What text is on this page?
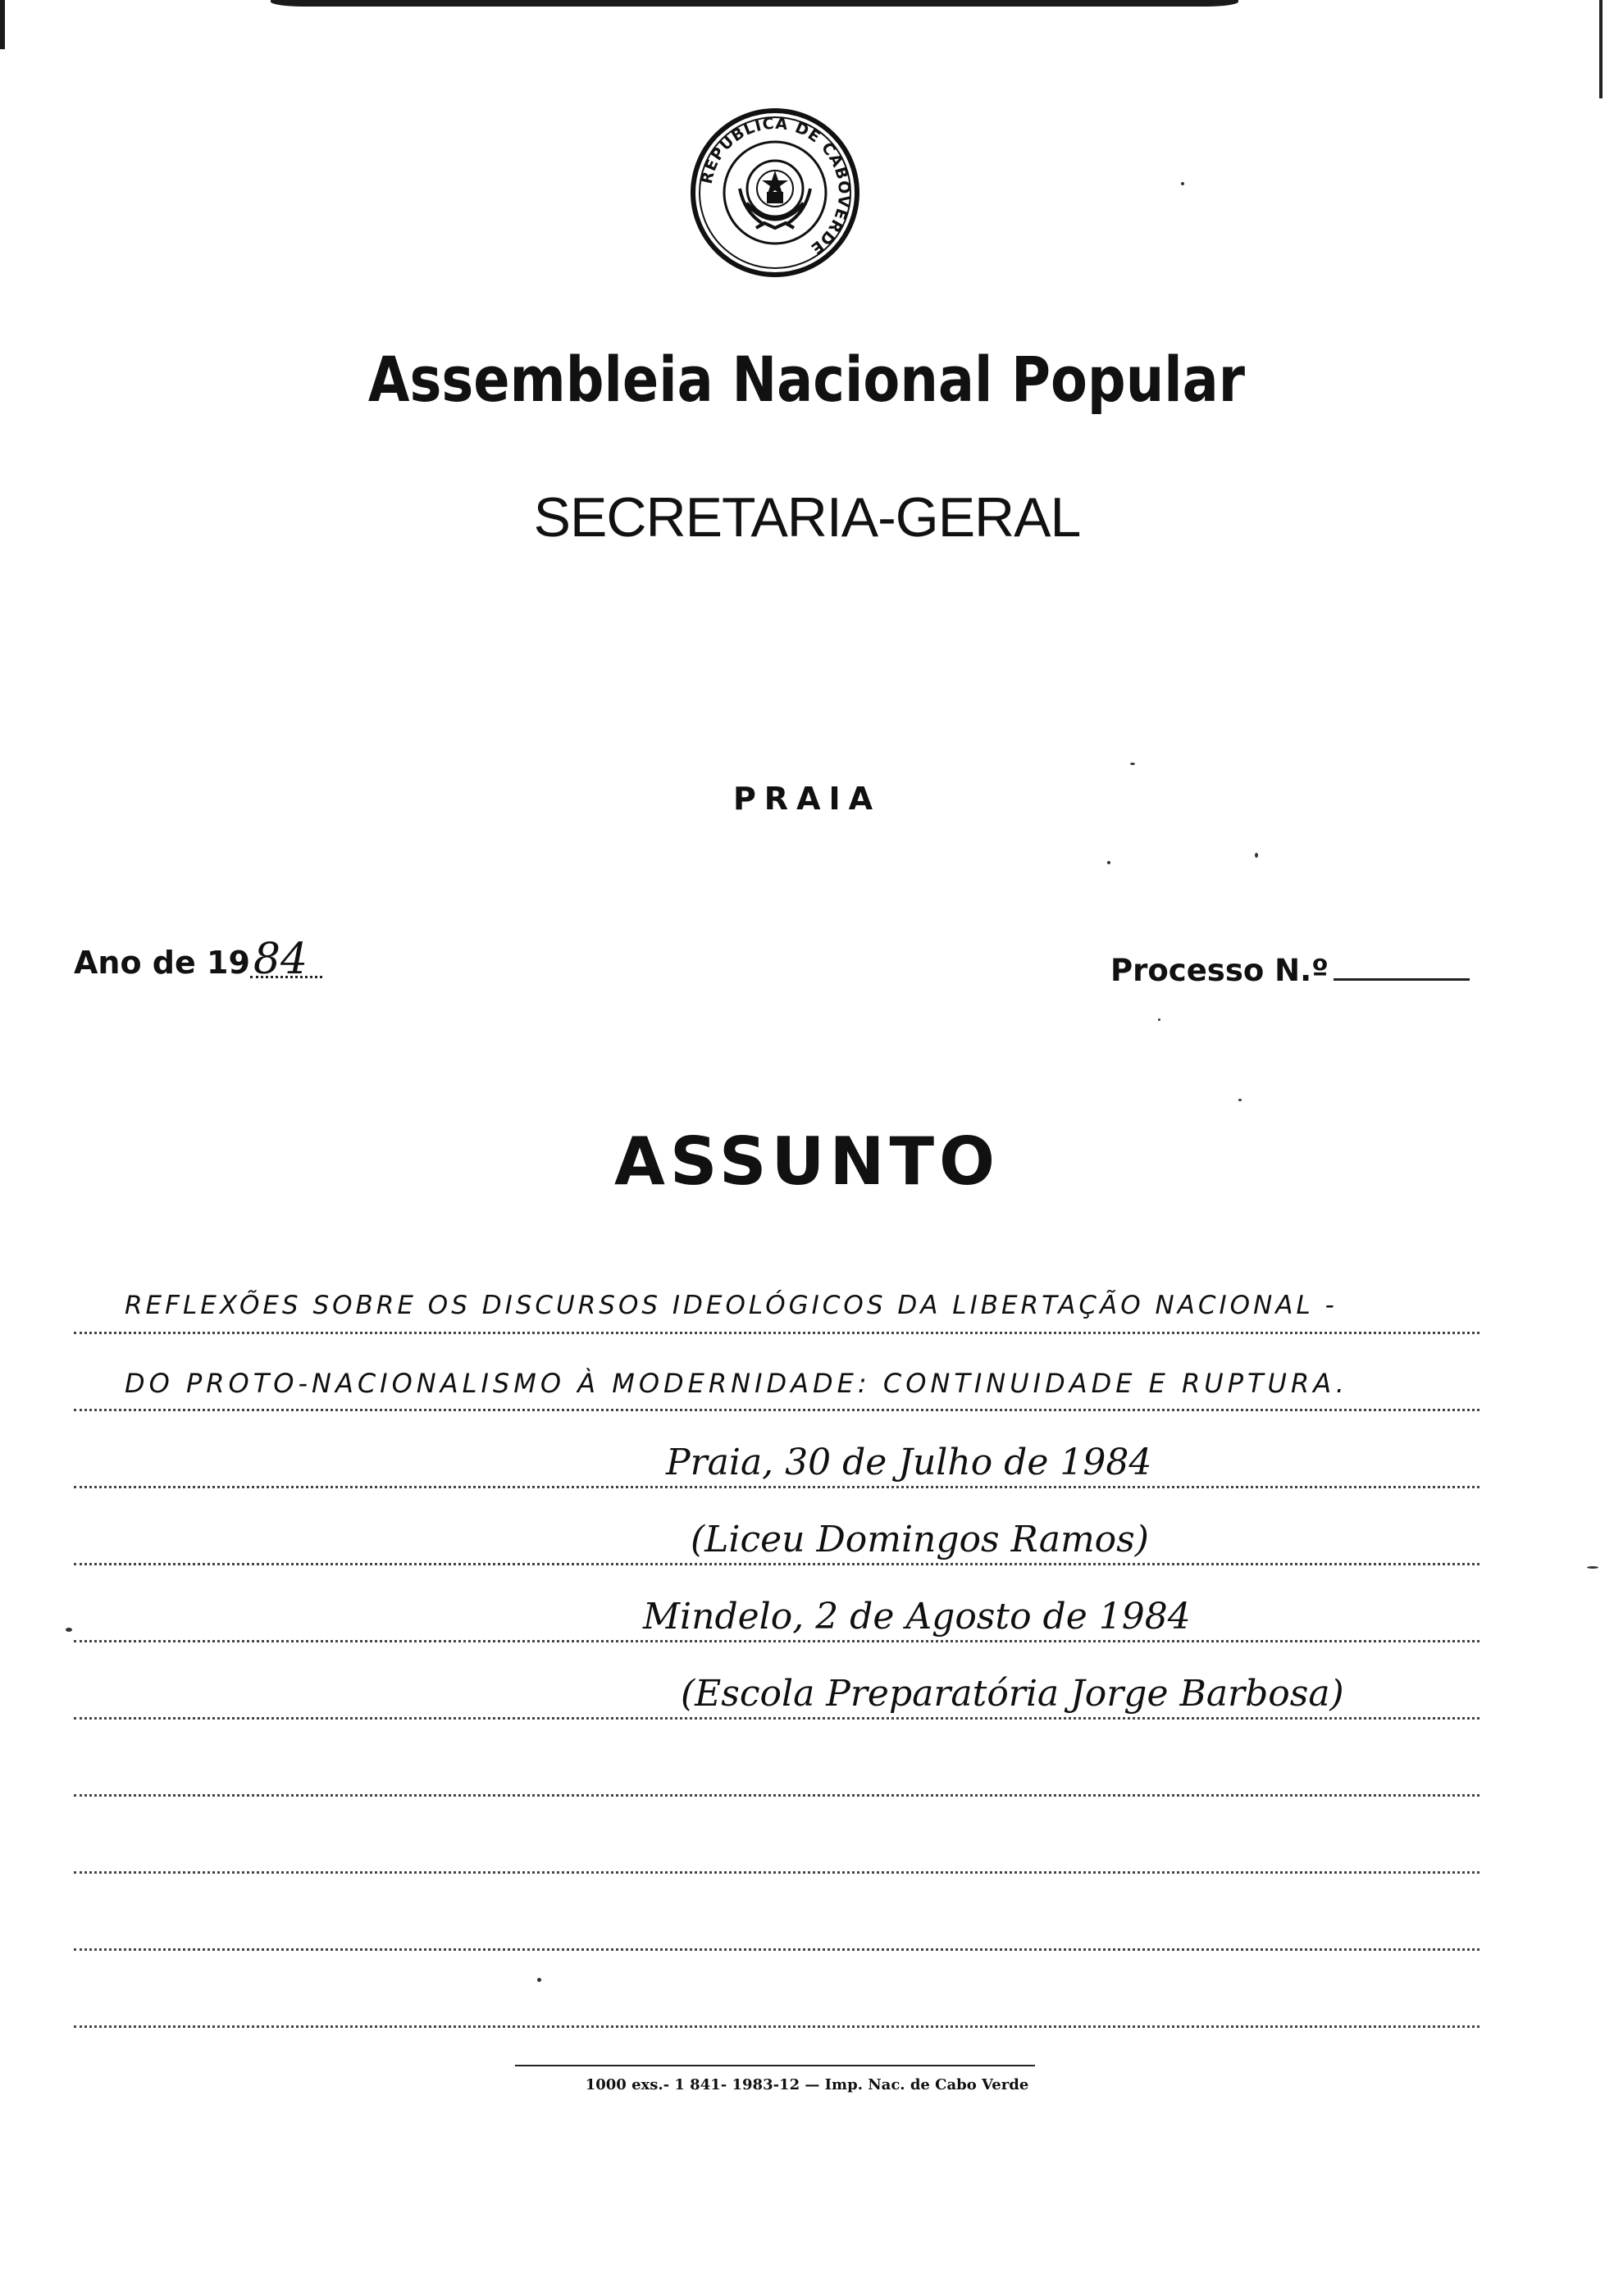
REPUBLICA DE CABOVERDE
Assembleia Nacional Popular
SECRETARIA-GERAL
PRAIA
Ano de 1984	Processo N.º
ASSUNTO
REFLEXÕES SOBRE OS DISCURSOS IDEOLÓGICOS DA LIBERTAÇÃO NACIONAL -
DO PROTO-NACIONALISMO À MODERNIDADE: CONTINUIDADE E RUPTURA.
Praia, 30 de Julho de 1984
(Liceu Domingos Ramos)
Mindelo, 2 de Agosto de 1984
(Escola Preparatória Jorge Barbosa)
1000 exs.- 1 841- 1983-12 — Imp. Nac. de Cabo Verde
